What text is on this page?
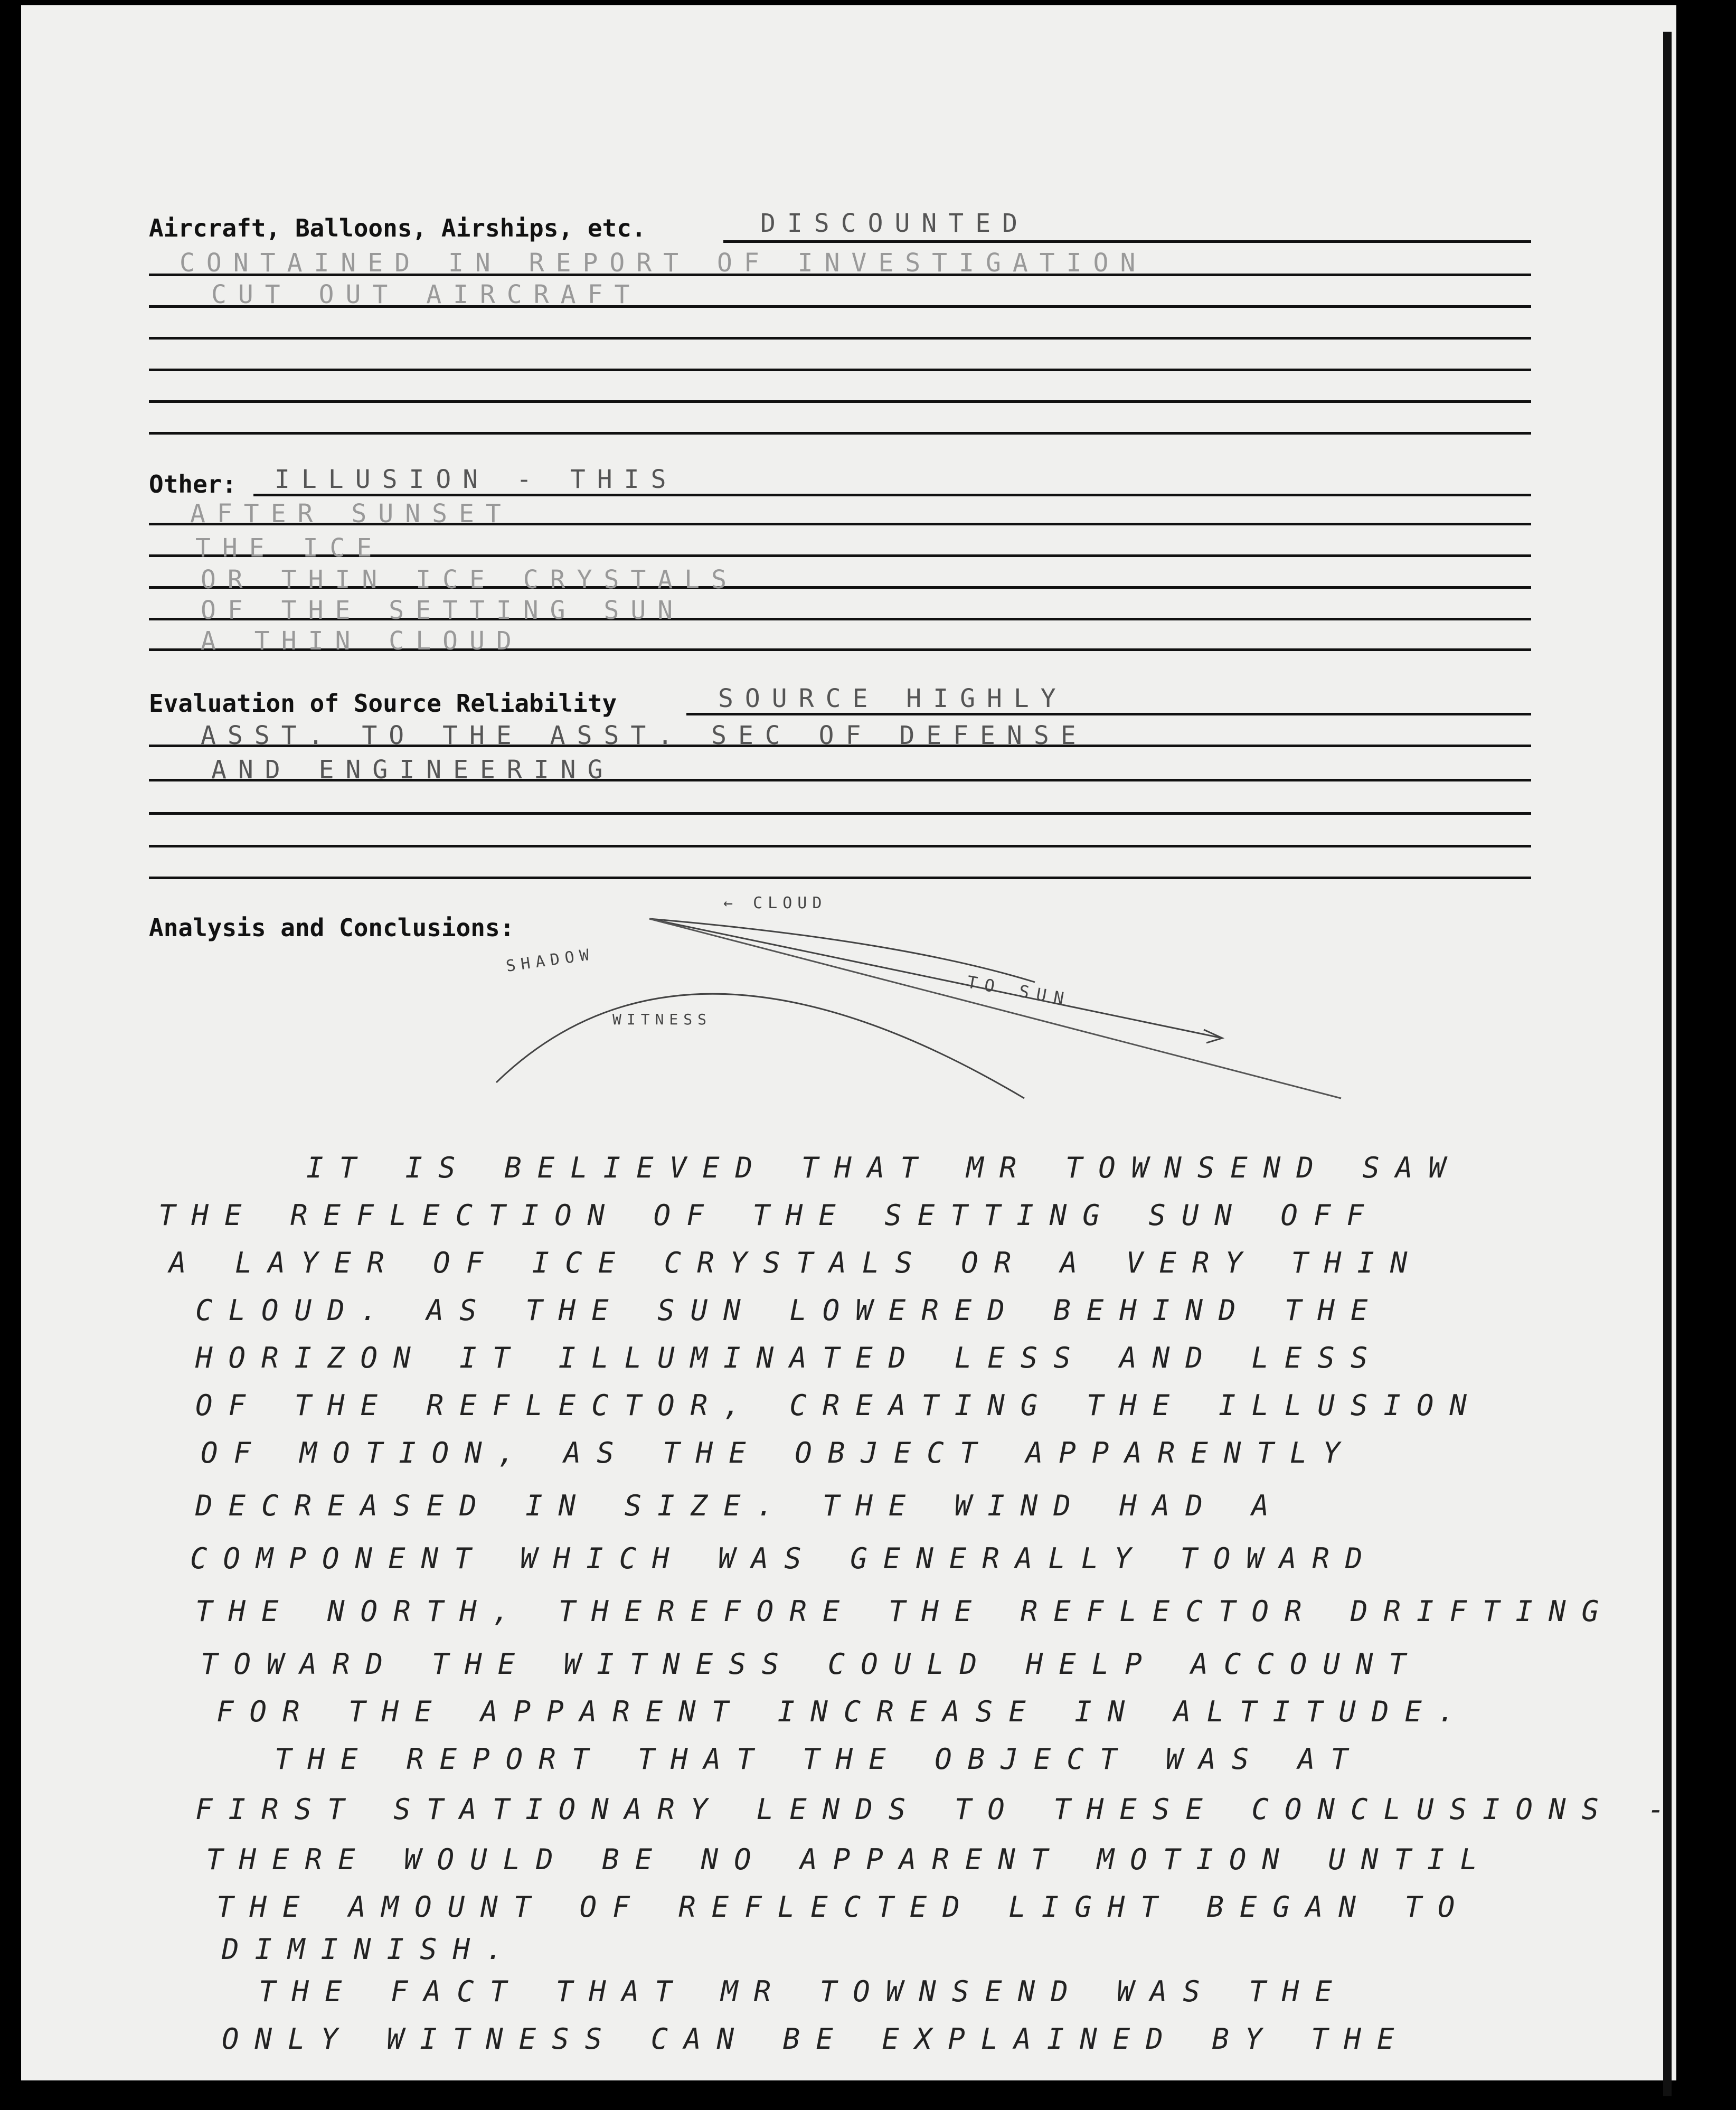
Aircraft, Balloons, Airships, etc.	DISCOUNTED
CONTAINED IN REPORT OF INVESTIGATION
CUT OUT AIRCRAFT
Other: ILLUSION - THIS
AFTER SUNSET
THE ICE
OR THIN ICE CRYSTALS
OF THE SETTING SUN
A THIN CLOUD
Evaluation of Source Reliability	SOURCE HIGHLY
ASST. TO THE ASST. SEC OF DEFENSE
AND ENGINEERING
Analysis and Conclusions:
← CLOUD
SHADOW
WITNESS
TO SUN
IT IS BELIEVED THAT MR TOWNSEND SAW
THE REFLECTION OF THE SETTING SUN OFF
A LAYER OF ICE CRYSTALS OR A VERY THIN
CLOUD. AS THE SUN LOWERED BEHIND THE
HORIZON IT ILLUMINATED LESS AND LESS
OF THE REFLECTOR, CREATING THE ILLUSION
OF MOTION, AS THE OBJECT APPARENTLY
DECREASED IN SIZE. THE WIND HAD A
COMPONENT WHICH WAS GENERALLY TOWARD
THE NORTH, THEREFORE THE REFLECTOR DRIFTING
TOWARD THE WITNESS COULD HELP ACCOUNT
FOR THE APPARENT INCREASE IN ALTITUDE.
THE REPORT THAT THE OBJECT WAS AT
FIRST STATIONARY LENDS TO THESE CONCLUSIONS -
THERE WOULD BE NO APPARENT MOTION UNTIL
THE AMOUNT OF REFLECTED LIGHT BEGAN TO
DIMINISH.
THE FACT THAT MR TOWNSEND WAS THE
ONLY WITNESS CAN BE EXPLAINED BY THE
